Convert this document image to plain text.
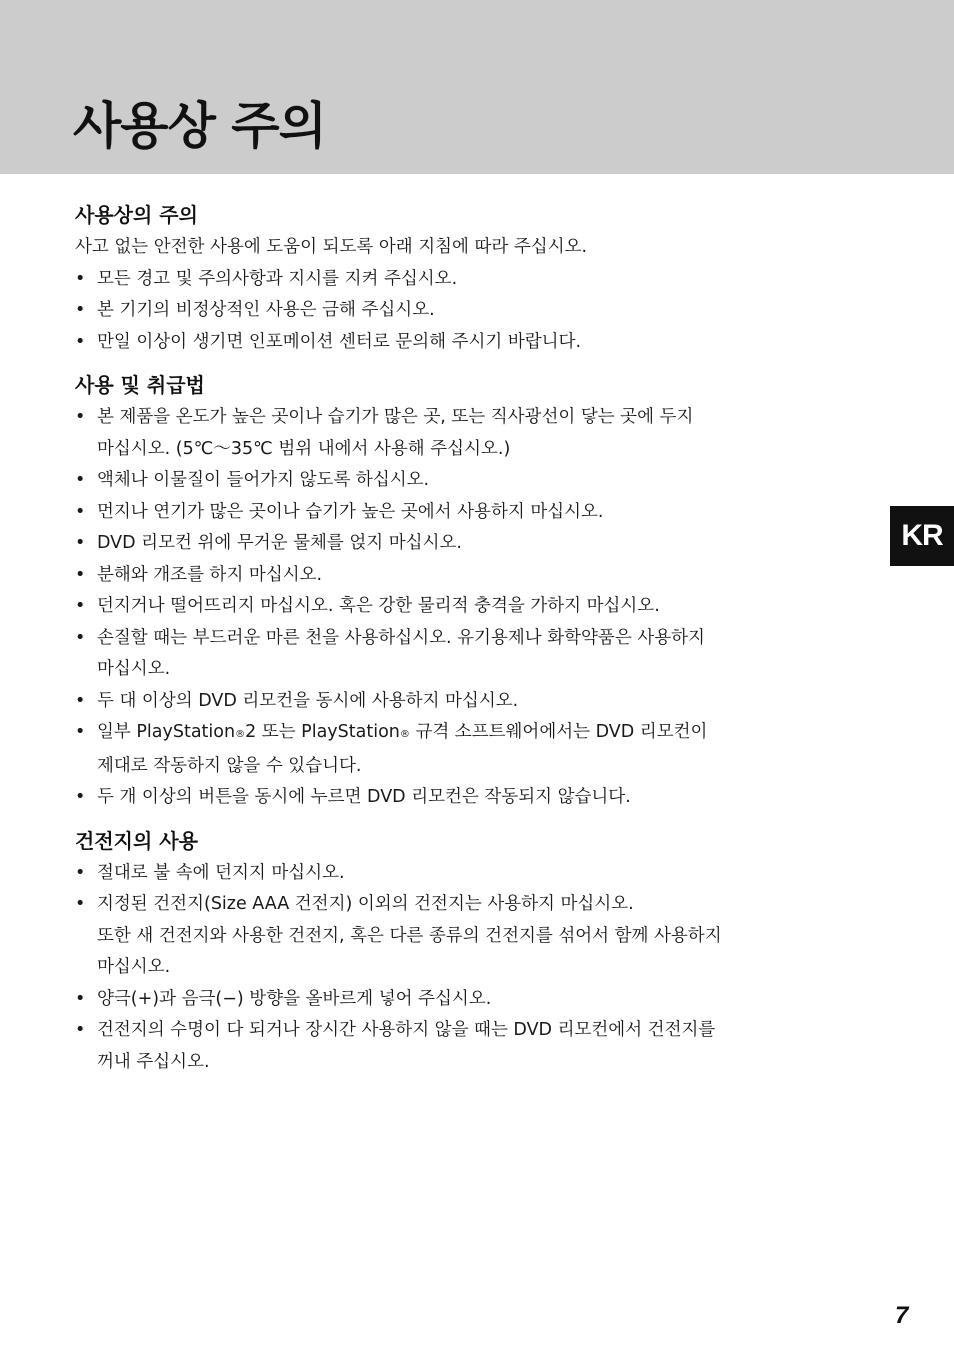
사용상 주의
사용상의 주의

사고 없는 안전한 사용에 도움이 되도록 아래 지침에 따라 주십시오.

• 모든 경고 및 주의사항과 지시를 지켜 주십시오.
• 본 기기의 비정상적인 사용은 금해 주십시오.
• 만일 이상이 생기면 인포메이션 센터로 문의해 주시기 바랍니다.
사용 및 취급법
• 본 제품을 온도가 높은 곳이나 습기가 많은 곳, 또는 직사광선이 닿는 곳에 두지
마십시오. (5℃～35℃ 범위 내에서 사용해 주십시오.)
• 액체나 이물질이 들어가지 않도록 하십시오.
• 먼지나 연기가 많은 곳이나 습기가 높은 곳에서 사용하지 마십시오.
• DVD 리모컨 위에 무거운 물체를 얹지 마십시오.
• 분해와 개조를 하지 마십시오.
• 던지거나 떨어뜨리지 마십시오. 혹은 강한 물리적 충격을 가하지 마십시오.
• 손질할 때는 부드러운 마른 천을 사용하십시오. 유기용제나 화학약품은 사용하지
마십시오.
• 두 대 이상의 DVD 리모컨을 동시에 사용하지 마십시오.
• 일부 PlayStation®2 또는 PlayStation® 규격 소프트웨어에서는 DVD 리모컨이
제대로 작동하지 않을 수 있습니다.
• 두 개 이상의 버튼을 동시에 누르면 DVD 리모컨은 작동되지 않습니다.
건전지의 사용
• 절대로 불 속에 던지지 마십시오.
• 지정된 건전지(Size AAA 건전지) 이외의 건전지는 사용하지 마십시오.
또한 새 건전지와 사용한 건전지, 혹은 다른 종류의 건전지를 섞어서 함께 사용하지
마십시오.
• 양극(+)과 음극(−) 방향을 올바르게 넣어 주십시오.
• 건전지의 수명이 다 되거나 장시간 사용하지 않을 때는 DVD 리모컨에서 건전지를
꺼내 주십시오.
KR
7
